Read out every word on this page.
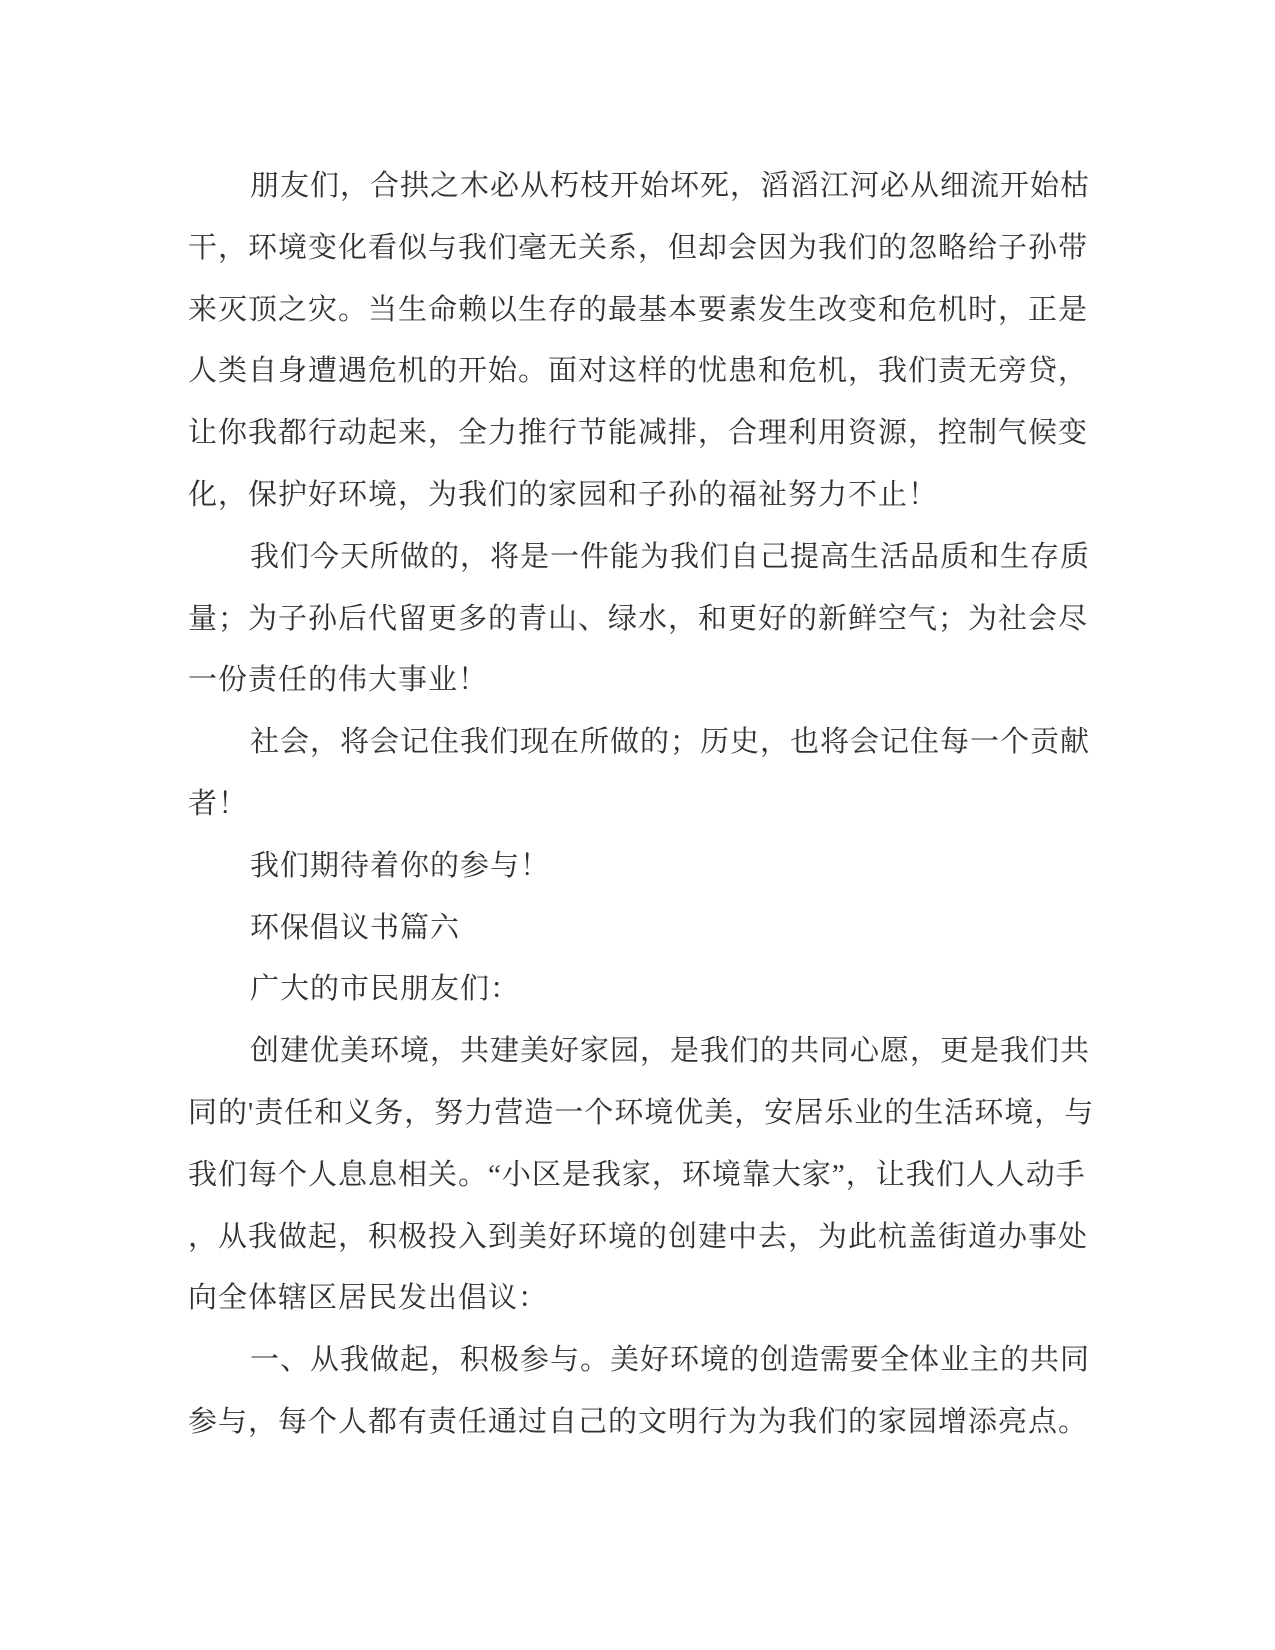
朋友们，合拱之木必从朽枝开始坏死，滔滔江河必从细流开始枯
干，环境变化看似与我们毫无关系，但却会因为我们的忽略给子孙带
来灭顶之灾。当生命赖以生存的最基本要素发生改变和危机时，正是
人类自身遭遇危机的开始。面对这样的忧患和危机，我们责无旁贷，
让你我都行动起来，全力推行节能减排，合理利用资源，控制气候变
化，保护好环境，为我们的家园和子孙的福祉努力不止！
我们今天所做的，将是一件能为我们自己提高生活品质和生存质
量；为子孙后代留更多的青山、绿水，和更好的新鲜空气；为社会尽
一份责任的伟大事业！
社会，将会记住我们现在所做的；历史，也将会记住每一个贡献
者！
我们期待着你的参与！
环保倡议书篇六
广大的市民朋友们：
创建优美环境，共建美好家园，是我们的共同心愿，更是我们共
同的'责任和义务，努力营造一个环境优美，安居乐业的生活环境，与
我们每个人息息相关。“小区是我家，环境靠大家”，让我们人人动手
，从我做起，积极投入到美好环境的创建中去，为此杭盖街道办事处
向全体辖区居民发出倡议：
一、从我做起，积极参与。美好环境的创造需要全体业主的共同
参与，每个人都有责任通过自己的文明行为为我们的家园增添亮点。
